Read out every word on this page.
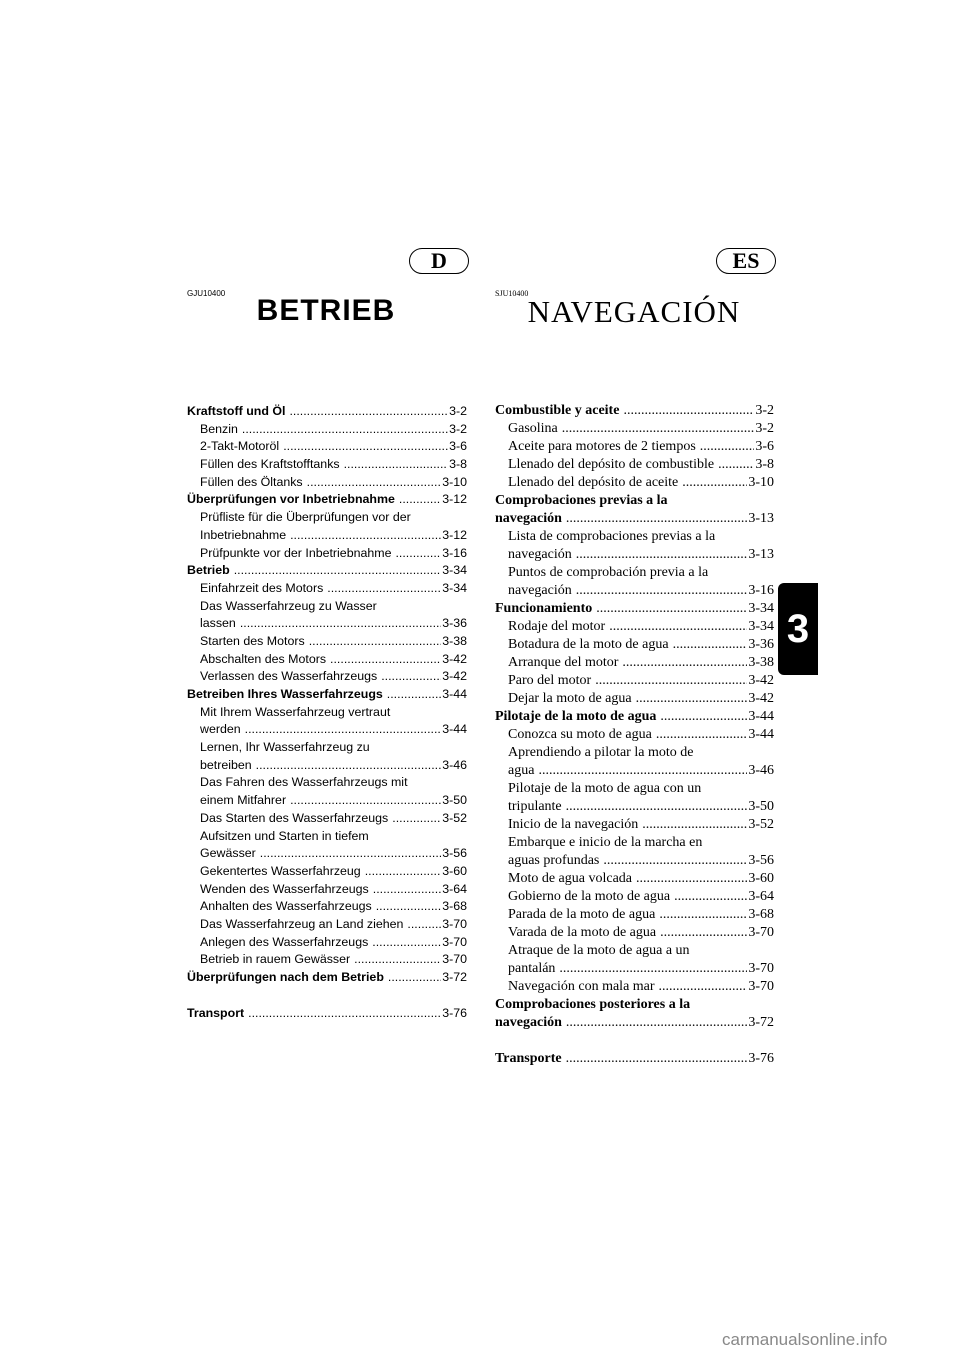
D	ES
GJU10400	SJU10400
BETRIEB	NAVEGACIÓN
Kraftstoff und Öl .....	3-2
Benzin .....	3-2
2-Takt-Motoröl .....	3-6
Füllen des Kraftstofftanks .....	3-8
Füllen des Öltanks .....	3-10
Überprüfungen vor Inbetriebnahme .....	3-12
Prüfliste für die Überprüfungen vor der
Inbetriebnahme .....	3-12
Prüfpunkte vor der Inbetriebnahme .....	3-16
Betrieb .....	3-34
Einfahrzeit des Motors .....	3-34
Das Wasserfahrzeug zu Wasser
lassen .....	3-36
Starten des Motors .....	3-38
Abschalten des Motors .....	3-42
Verlassen des Wasserfahrzeugs .....	3-42
Betreiben Ihres Wasserfahrzeugs .....	3-44
Mit Ihrem Wasserfahrzeug vertraut
werden .....	3-44
Lernen, Ihr Wasserfahrzeug zu
betreiben .....	3-46
Das Fahren des Wasserfahrzeugs mit
einem Mitfahrer .....	3-50
Das Starten des Wasserfahrzeugs .....	3-52
Aufsitzen und Starten in tiefem
Gewässer .....	3-56
Gekentertes Wasserfahrzeug .....	3-60
Wenden des Wasserfahrzeugs .....	3-64
Anhalten des Wasserfahrzeugs .....	3-68
Das Wasserfahrzeug an Land ziehen .....	3-70
Anlegen des Wasserfahrzeugs .....	3-70
Betrieb in rauem Gewässer .....	3-70
Überprüfungen nach dem Betrieb .....	3-72
Transport .....	3-76
Combustible y aceite .....	3-2
Gasolina .....	3-2
Aceite para motores de 2 tiempos .....	3-6
Llenado del depósito de combustible .....	3-8
Llenado del depósito de aceite .....	3-10
Comprobaciones previas a la
navegación .....	3-13
Lista de comprobaciones previas a la
navegación .....	3-13
Puntos de comprobación previa a la
navegación .....	3-16
Funcionamiento .....	3-34
Rodaje del motor .....	3-34
Botadura de la moto de agua .....	3-36
Arranque del motor .....	3-38
Paro del motor .....	3-42
Dejar la moto de agua .....	3-42
Pilotaje de la moto de agua .....	3-44
Conozca su moto de agua .....	3-44
Aprendiendo a pilotar la moto de
agua .....	3-46
Pilotaje de la moto de agua con un
tripulante .....	3-50
Inicio de la navegación .....	3-52
Embarque e inicio de la marcha en
aguas profundas .....	3-56
Moto de agua volcada .....	3-60
Gobierno de la moto de agua .....	3-64
Parada de la moto de agua .....	3-68
Varada de la moto de agua .....	3-70
Atraque de la moto de agua a un
pantalán .....	3-70
Navegación con mala mar .....	3-70
Comprobaciones posteriores a la
navegación .....	3-72
Transporte .....	3-76
3
carmanualsonline.info
